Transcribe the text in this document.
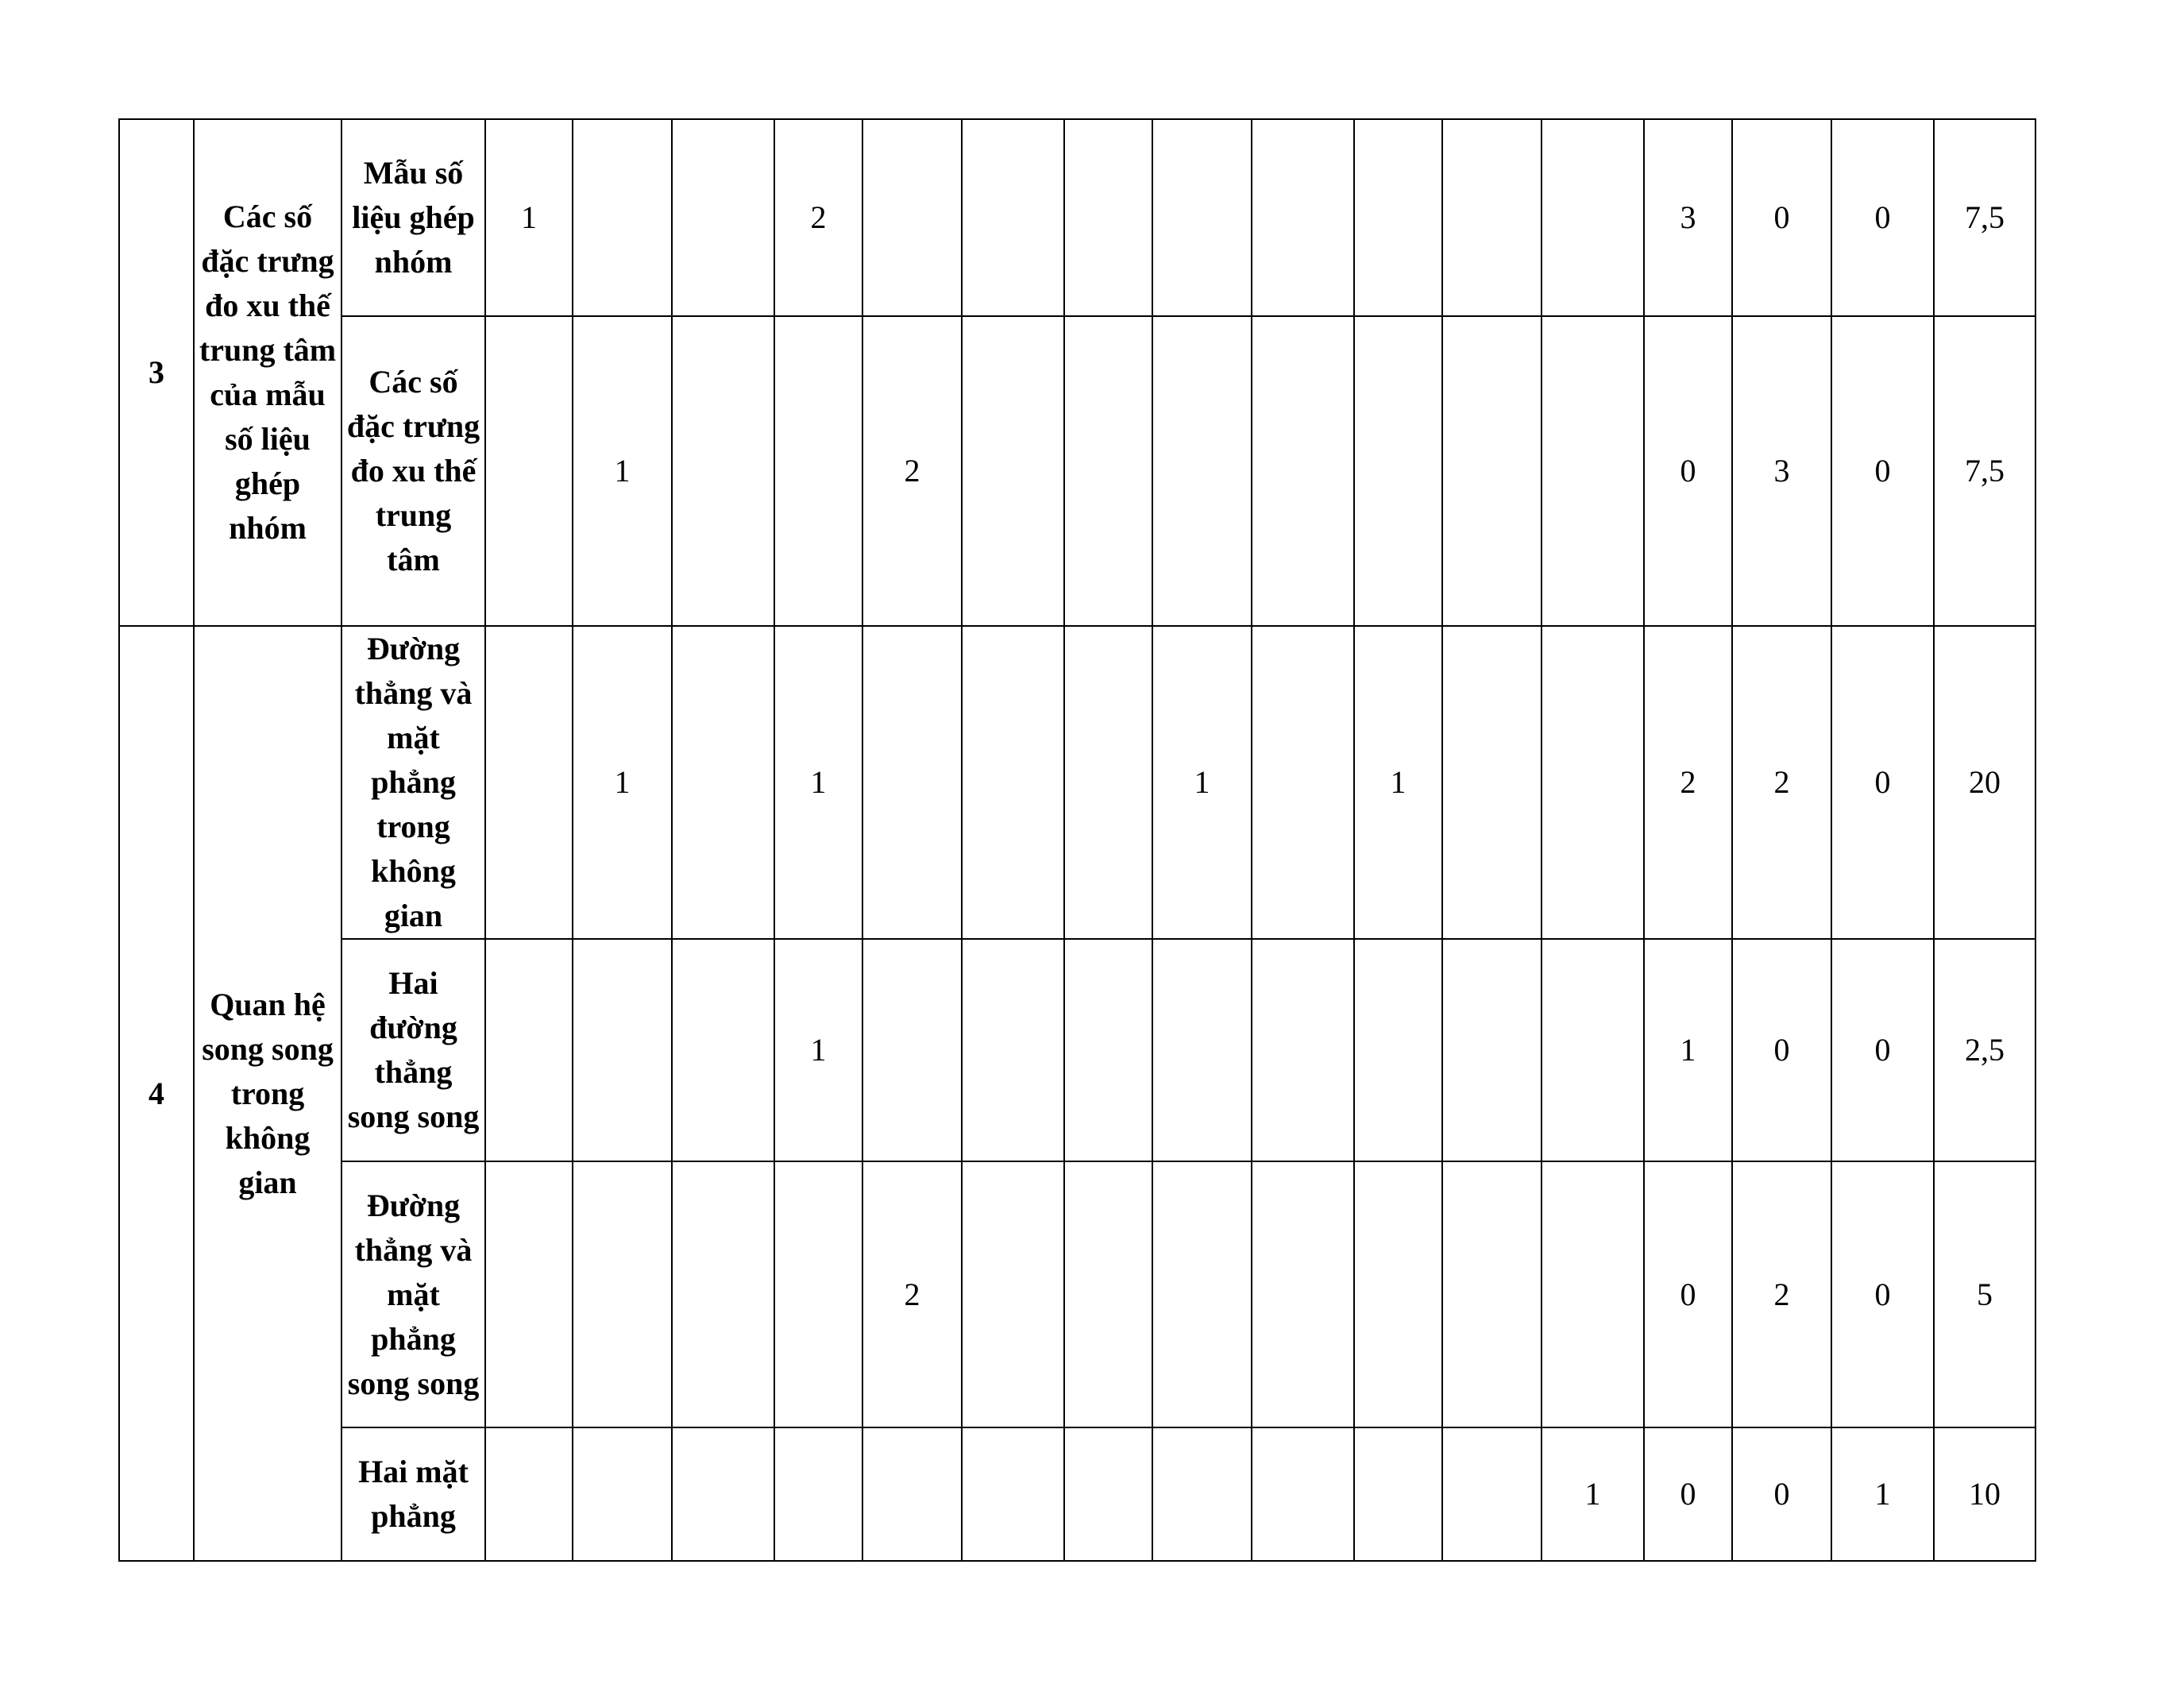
3	Các số đặc trưng đo xu thế trung tâm của mẫu số liệu ghép nhóm	Mẫu số liệu ghép nhóm	1			2									3	0	0	7,5
		Các số đặc trưng đo xu thế trung tâm		1			2								0	3	0	7,5
4	Quan hệ song song trong không gian	Đường thẳng và mặt phẳng trong không gian		1		1				1		1			2	2	0	20
		Hai đường thẳng song song				1									1	0	0	2,5
		Đường thẳng và mặt phẳng song song					2								0	2	0	5
		Hai mặt phẳng												1	0	0	1	10
